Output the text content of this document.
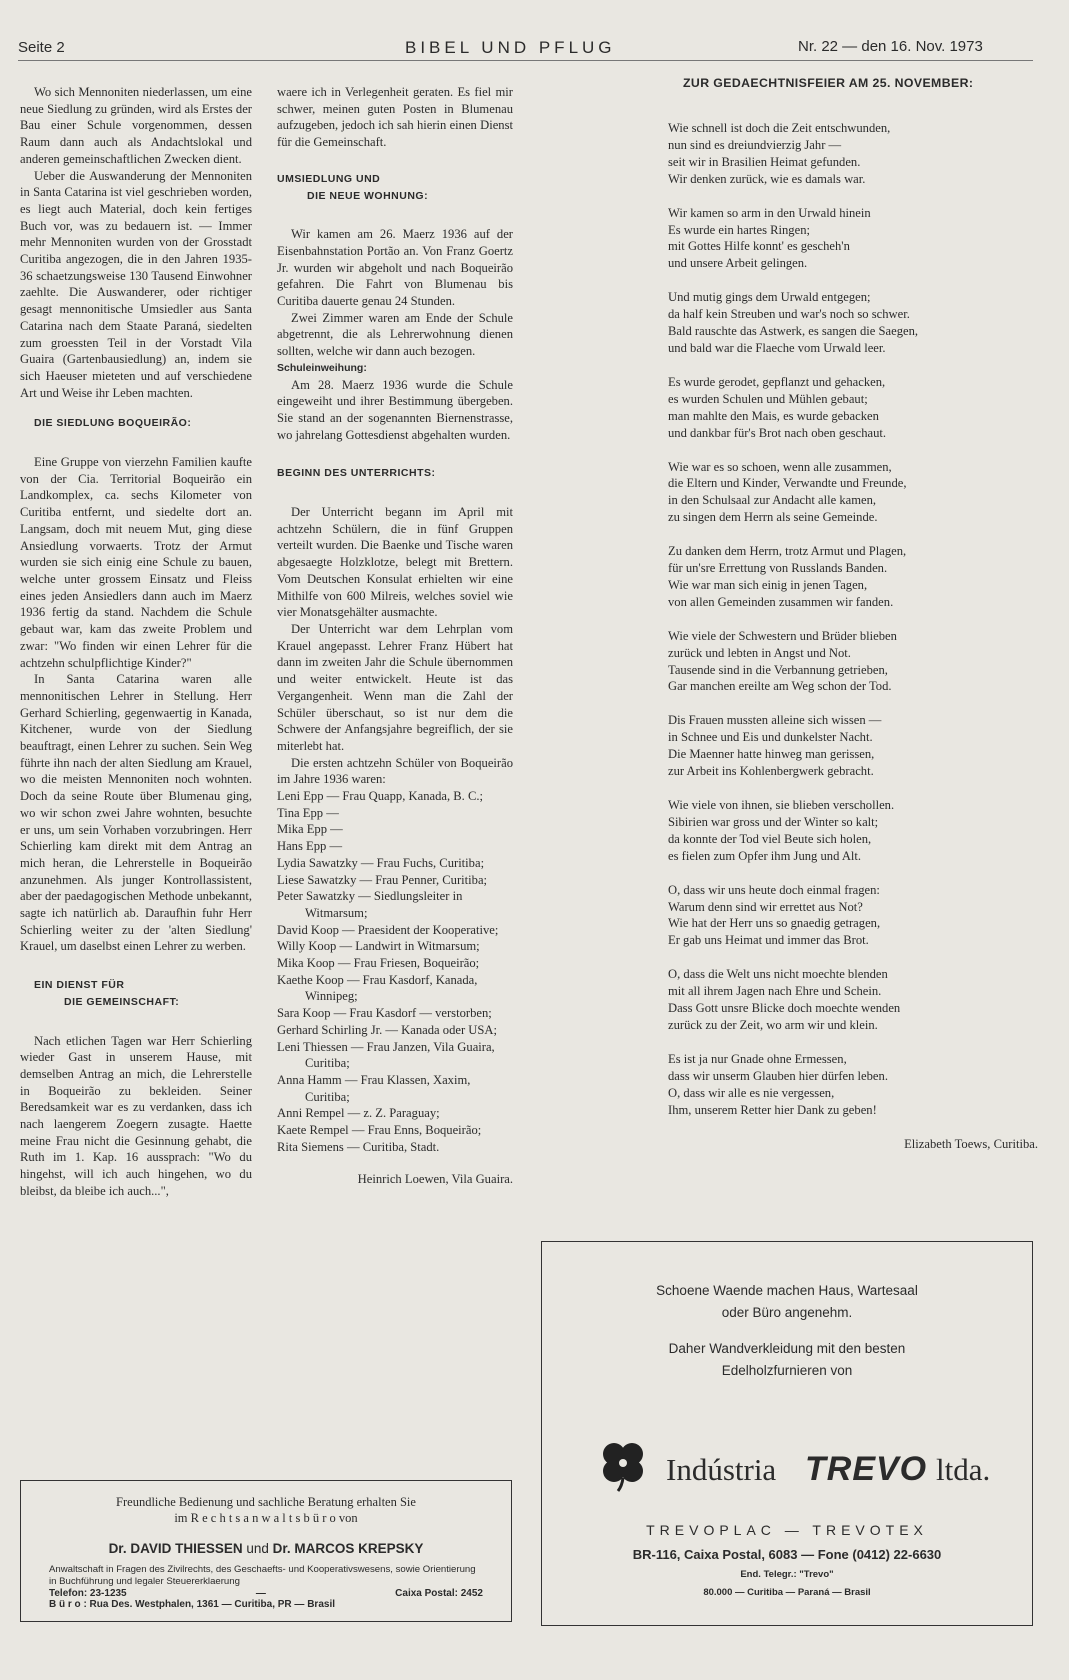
Seite 2	BIBEL UND PFLUG	Nr. 22 — den 16. Nov. 1973

Wo sich Mennoniten niederlassen, um eine neue Siedlung zu gründen, wird als Erstes der Bau einer Schule vorgenommen, dessen Raum dann auch als Andachtslokal und anderen gemeinschaftlichen Zwecken dient.

Ueber die Auswanderung der Mennoniten in Santa Catarina ist viel geschrieben worden, es liegt auch Material, doch kein fertiges Buch vor, was zu bedauern ist. — Immer mehr Mennoniten wurden von der Grosstadt Curitiba angezogen, die in den Jahren 1935-36 schaetzungsweise 130 Tausend Einwohner zaehlte. Die Auswanderer, oder richtiger gesagt mennonitische Umsiedler aus Santa Catarina nach dem Staate Paraná, siedelten zum groessten Teil in der Vorstadt Vila Guaira (Gartenbausiedlung) an, indem sie sich Haeuser mieteten und auf verschiedene Art und Weise ihr Leben machten.

DIE SIEDLUNG BOQUEIRÃO:

Eine Gruppe von vierzehn Familien kaufte von der Cia. Territorial Boqueirão ein Landkomplex, ca. sechs Kilometer von Curitiba entfernt, und siedelte dort an. Langsam, doch mit neuem Mut, ging diese Ansiedlung vorwaerts. Trotz der Armut wurden sie sich einig eine Schule zu bauen, welche unter grossem Einsatz und Fleiss eines jeden Ansiedlers dann auch im Maerz 1936 fertig da stand. Nachdem die Schule gebaut war, kam das zweite Problem und zwar: "Wo finden wir einen Lehrer für die achtzehn schulpflichtige Kinder?"

In Santa Catarina waren alle mennonitischen Lehrer in Stellung. Herr Gerhard Schierling, gegenwaertig in Kanada, Kitchener, wurde von der Siedlung beauftragt, einen Lehrer zu suchen. Sein Weg führte ihn nach der alten Siedlung am Krauel, wo die meisten Mennoniten noch wohnten. Doch da seine Route über Blumenau ging, wo wir schon zwei Jahre wohnten, besuchte er uns, um sein Vorhaben vorzubringen. Herr Schierling kam direkt mit dem Antrag an mich heran, die Lehrerstelle in Boqueirão anzunehmen. Als junger Kontrollassistent, aber der paedagogischen Methode unbekannt, sagte ich natürlich ab. Daraufhin fuhr Herr Schierling weiter zu der 'alten Siedlung' Krauel, um daselbst einen Lehrer zu werben.

EIN DIENST FÜR
DIE GEMEINSCHAFT:

Nach etlichen Tagen war Herr Schierling wieder Gast in unserem Hause, mit demselben Antrag an mich, die Lehrerstelle in Boqueirão zu bekleiden. Seiner Beredsamkeit war es zu verdanken, dass ich nach laengerem Zoegern zusagte. Haette meine Frau nicht die Gesinnung gehabt, die Ruth im 1. Kap. 16 aussprach: "Wo du hingehst, will ich auch hingehen, wo du bleibst, da bleibe ich auch...",

waere ich in Verlegenheit geraten. Es fiel mir schwer, meinen guten Posten in Blumenau aufzugeben, jedoch ich sah hierin einen Dienst für die Gemeinschaft.

UMSIEDLUNG UND
DIE NEUE WOHNUNG:

Wir kamen am 26. Maerz 1936 auf der Eisenbahnstation Portão an. Von Franz Goertz Jr. wurden wir abgeholt und nach Boqueirão gefahren. Die Fahrt von Blumenau bis Curitiba dauerte genau 24 Stunden.

Zwei Zimmer waren am Ende der Schule abgetrennt, die als Lehrerwohnung dienen sollten, welche wir dann auch bezogen.

Schuleinweihung:

Am 28. Maerz 1936 wurde die Schule eingeweiht und ihrer Bestimmung übergeben. Sie stand an der sogenannten Biernenstrasse, wo jahrelang Gottesdienst abgehalten wurden.

BEGINN DES UNTERRICHTS:

Der Unterricht begann im April mit achtzehn Schülern, die in fünf Gruppen verteilt wurden. Die Baenke und Tische waren abgesaegte Holzklotze, belegt mit Brettern. Vom Deutschen Konsulat erhielten wir eine Mithilfe von 600 Milreis, welches soviel wie vier Monatsgehälter ausmachte.

Der Unterricht war dem Lehrplan vom Krauel angepasst. Lehrer Franz Hübert hat dann im zweiten Jahr die Schule übernommen und weiter entwickelt. Heute ist das Vergangenheit. Wenn man die Zahl der Schüler überschaut, so ist nur dem die Schwere der Anfangsjahre begreiflich, der sie miterlebt hat.

Die ersten achtzehn Schüler von Boqueirão im Jahre 1936 waren:

Leni Epp — Frau Quapp, Kanada, B. C.;

Tina Epp —

Mika Epp —

Hans Epp —

Lydia Sawatzky — Frau Fuchs, Curitiba;

Liese Sawatzky — Frau Penner, Curitiba;

Peter Sawatzky — Siedlungsleiter in Witmarsum;

David Koop — Praesident der Kooperative;

Willy Koop — Landwirt in Witmarsum;

Mika Koop — Frau Friesen, Boqueirão;

Kaethe Koop — Frau Kasdorf, Kanada, Winnipeg;

Sara Koop — Frau Kasdorf — verstorben;

Gerhard Schirling Jr. — Kanada oder USA;

Leni Thiessen — Frau Janzen, Vila Guaira, Curitiba;

Anna Hamm — Frau Klassen, Xaxim, Curitiba;

Anni Rempel — z. Z. Paraguay;

Kaete Rempel — Frau Enns, Boqueirão;

Rita Siemens — Curitiba, Stadt.

Heinrich Loewen, Vila Guaira.
ZUR GEDAECHTNISFEIER AM 25. NOVEMBER:
Wie schnell ist doch die Zeit entschwunden,
nun sind es dreiundvierzig Jahr —
seit wir in Brasilien Heimat gefunden.
Wir denken zurück, wie es damals war.
Wir kamen so arm in den Urwald hinein
Es wurde ein hartes Ringen;
mit Gottes Hilfe konnt' es gescheh'n
und unsere Arbeit gelingen.
Und mutig gings dem Urwald entgegen;
da half kein Streuben und war's noch so schwer.
Bald rauschte das Astwerk, es sangen die Saegen,
und bald war die Flaeche vom Urwald leer.
Es wurde gerodet, gepflanzt und gehacken,
es wurden Schulen und Mühlen gebaut;
man mahlte den Mais, es wurde gebacken
und dankbar für's Brot nach oben geschaut.
Wie war es so schoen, wenn alle zusammen,
die Eltern und Kinder, Verwandte und Freunde,
in den Schulsaal zur Andacht alle kamen,
zu singen dem Herrn als seine Gemeinde.
Zu danken dem Herrn, trotz Armut und Plagen,
für un'sre Errettung von Russlands Banden.
Wie war man sich einig in jenen Tagen,
von allen Gemeinden zusammen wir fanden.
Wie viele der Schwestern und Brüder blieben
zurück und lebten in Angst und Not.
Tausende sind in die Verbannung getrieben,
Gar manchen ereilte am Weg schon der Tod.
Dis Frauen mussten alleine sich wissen —
in Schnee und Eis und dunkelster Nacht.
Die Maenner hatte hinweg man gerissen,
zur Arbeit ins Kohlenbergwerk gebracht.
Wie viele von ihnen, sie blieben verschollen.
Sibirien war gross und der Winter so kalt;
da konnte der Tod viel Beute sich holen,
es fielen zum Opfer ihm Jung und Alt.
O, dass wir uns heute doch einmal fragen:
Warum denn sind wir errettet aus Not?
Wie hat der Herr uns so gnaedig getragen,
Er gab uns Heimat und immer das Brot.
O, dass die Welt uns nicht moechte blenden
mit all ihrem Jagen nach Ehre und Schein.
Dass Gott unsre Blicke doch moechte wenden
zurück zu der Zeit, wo arm wir und klein.
Es ist ja nur Gnade ohne Ermessen,
dass wir unserm Glauben hier dürfen leben.
O, dass wir alle es nie vergessen,
Ihm, unserem Retter hier Dank zu geben!
Elizabeth Toews, Curitiba.
Freundliche Bedienung und sachliche Beratung erhalten Sie
im R e c h t s a n w a l t s b ü r o von
Dr. DAVID THIESSEN und Dr. MARCOS KREPSKY
Anwaltschaft in Fragen des Zivilrechts, des Geschaefts- und Kooperativswesens, sowie Orientierung in Buchführung und legaler Steuererklaerung
Telefon: 23-1235	—	Caixa Postal: 2452
B ü r o : Rua Des. Westphalen, 1361 — Curitiba, PR — Brasil
Schoene Waende machen Haus, Wartesaal
oder Büro angenehm.
Daher Wandverkleidung mit den besten
Edelholzfurnieren von
Indústria TREVO ltda.
TREVOPLAC — TREVOTEX
BR-116, Caixa Postal, 6083 — Fone (0412) 22-6630
End. Telegr.: "Trevo"
80.000 — Curitiba — Paraná — Brasil
